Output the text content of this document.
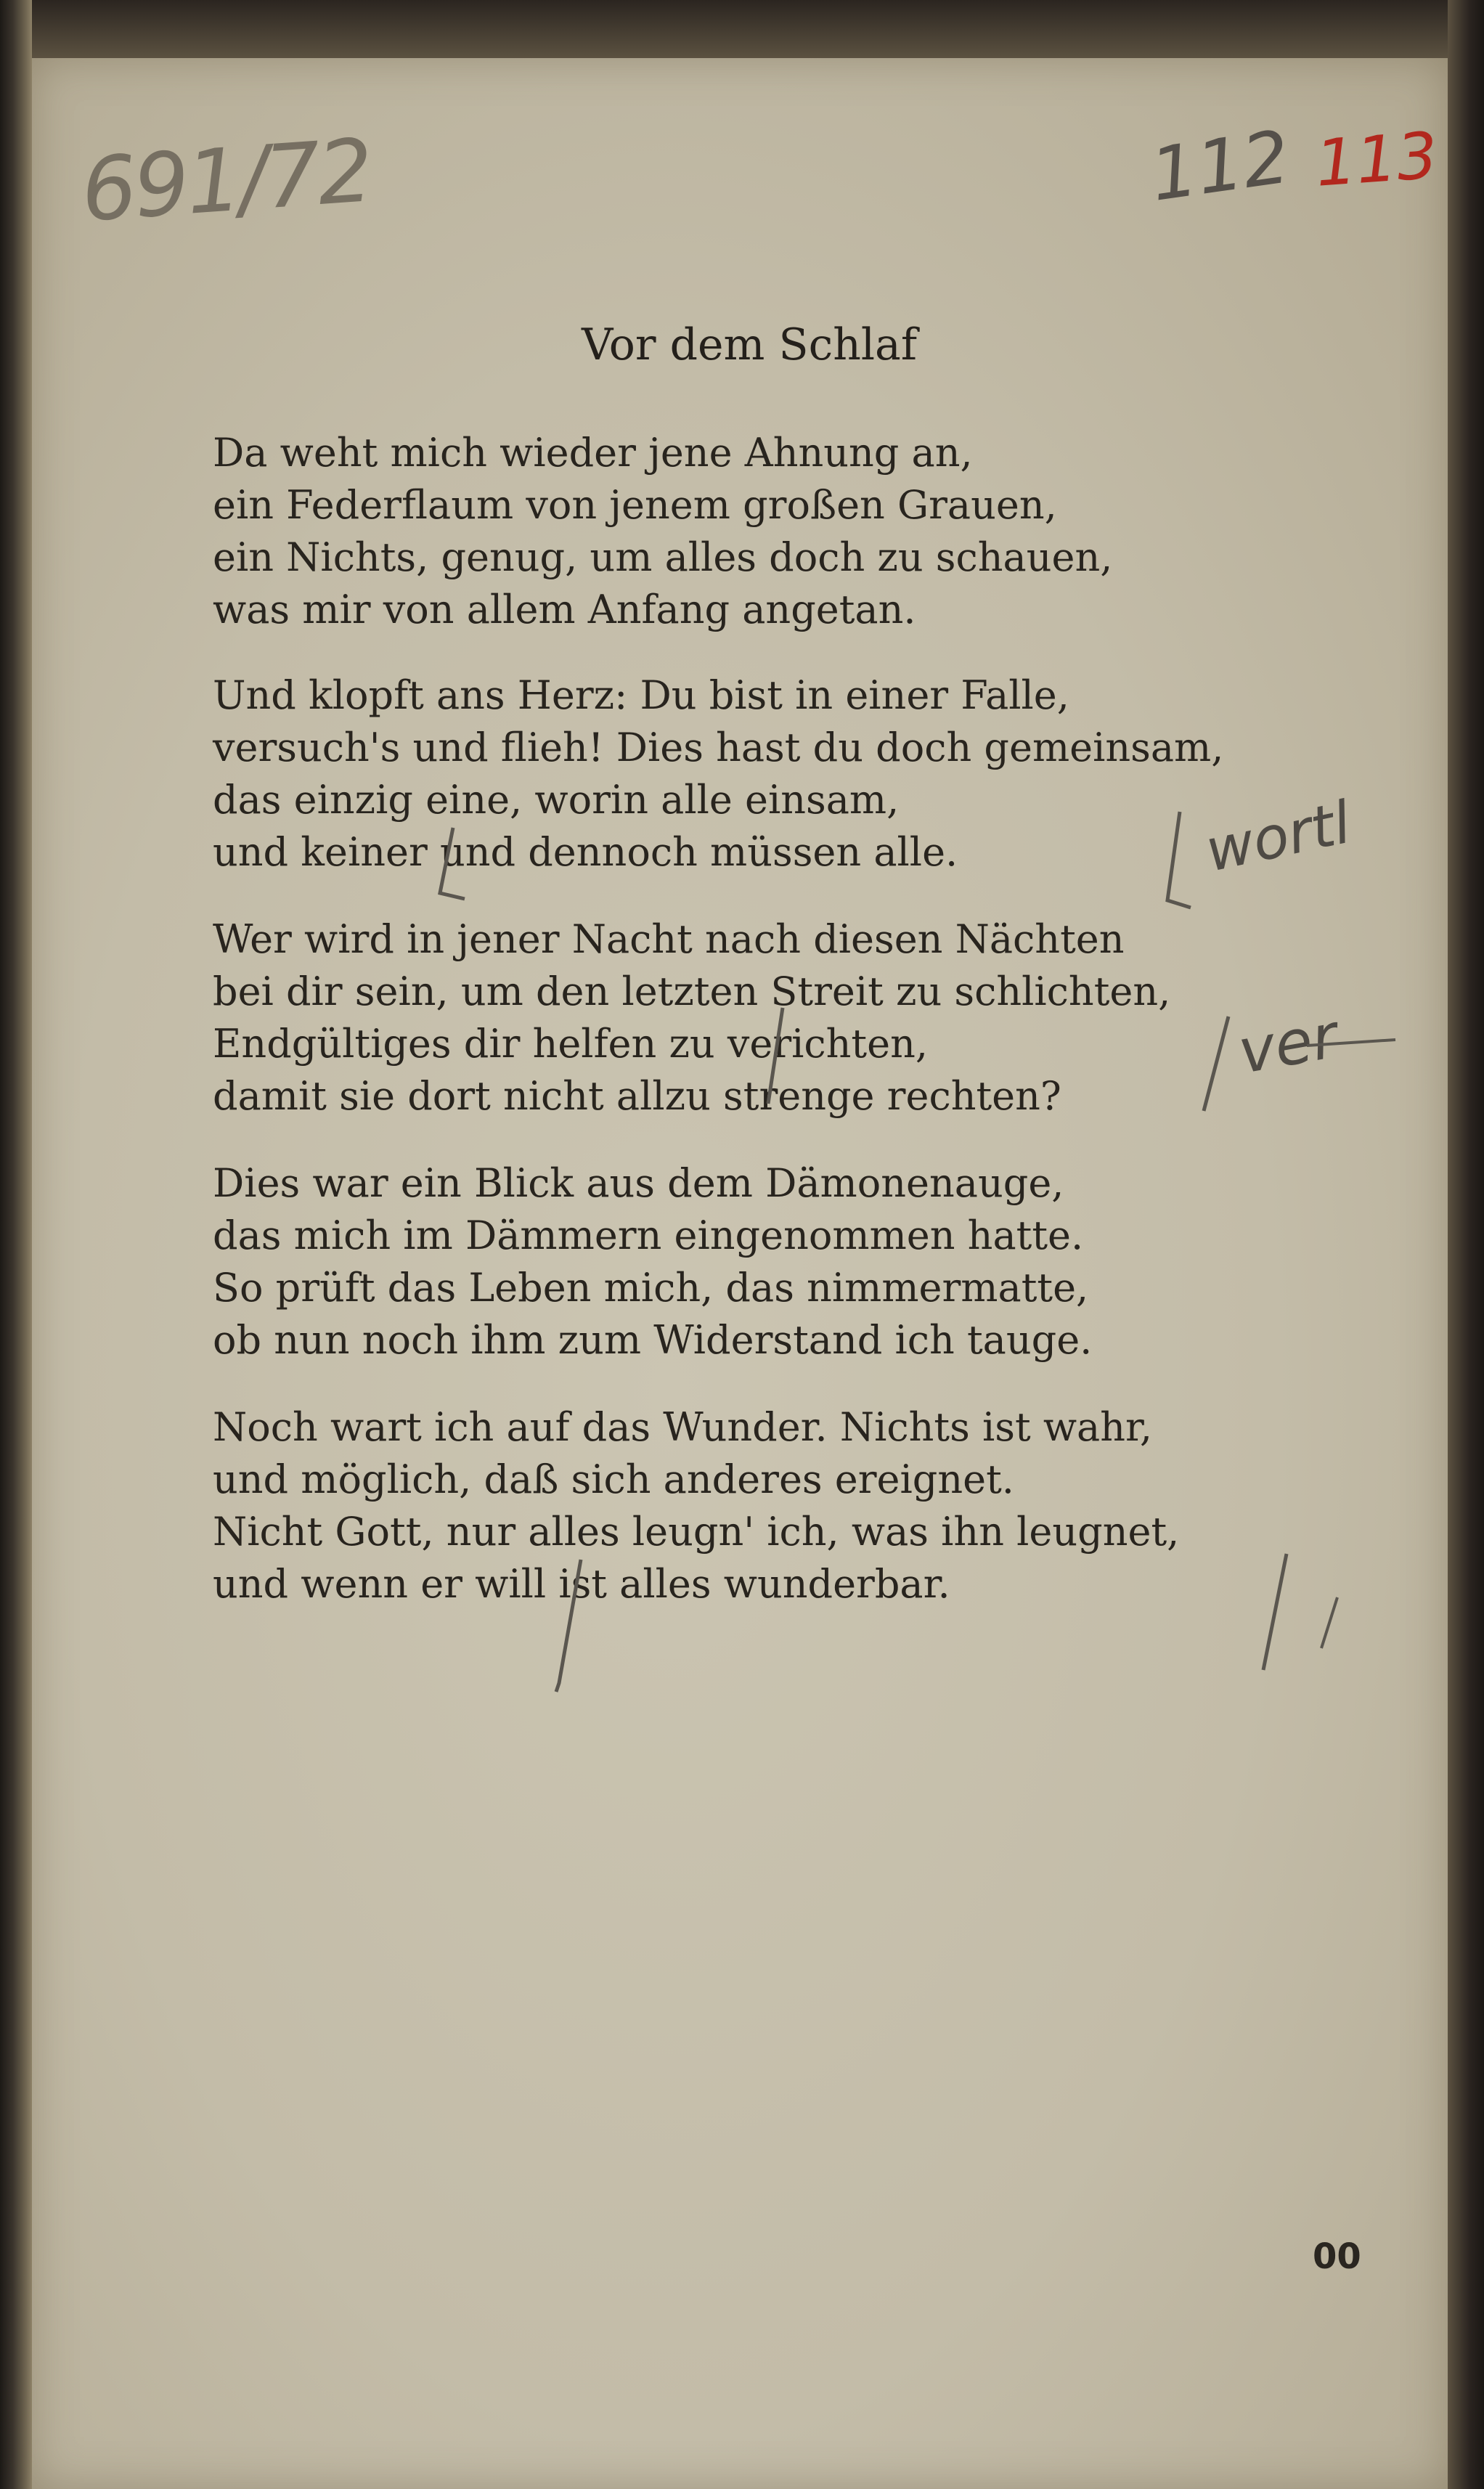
691/72	112 113
Vor dem Schlaf
Da weht mich wieder jene Ahnung an,
ein Federflaum von jenem großen Grauen,
ein Nichts, genug, um alles doch zu schauen,
was mir von allem Anfang angetan.
Und klopft ans Herz: Du bist in einer Falle,
versuch's und flieh! Dies hast du doch gemeinsam,
das einzig eine, worin alle einsam,
und keiner und dennoch müssen alle.
Wer wird in jener Nacht nach diesen Nächten
bei dir sein, um den letzten Streit zu schlichten,
Endgültiges dir helfen zu verichten,
damit sie dort nicht allzu strenge rechten?
Dies war ein Blick aus dem Dämonenauge,
das mich im Dämmern eingenommen hatte.
So prüft das Leben mich, das nimmermatte,
ob nun noch ihm zum Widerstand ich tauge.
Noch wart ich auf das Wunder. Nichts ist wahr,
und möglich, daß sich anderes ereignet.
Nicht Gott, nur alles leugn' ich, was ihn leugnet,
und wenn er will ist alles wunderbar.
wortl
ver
00
